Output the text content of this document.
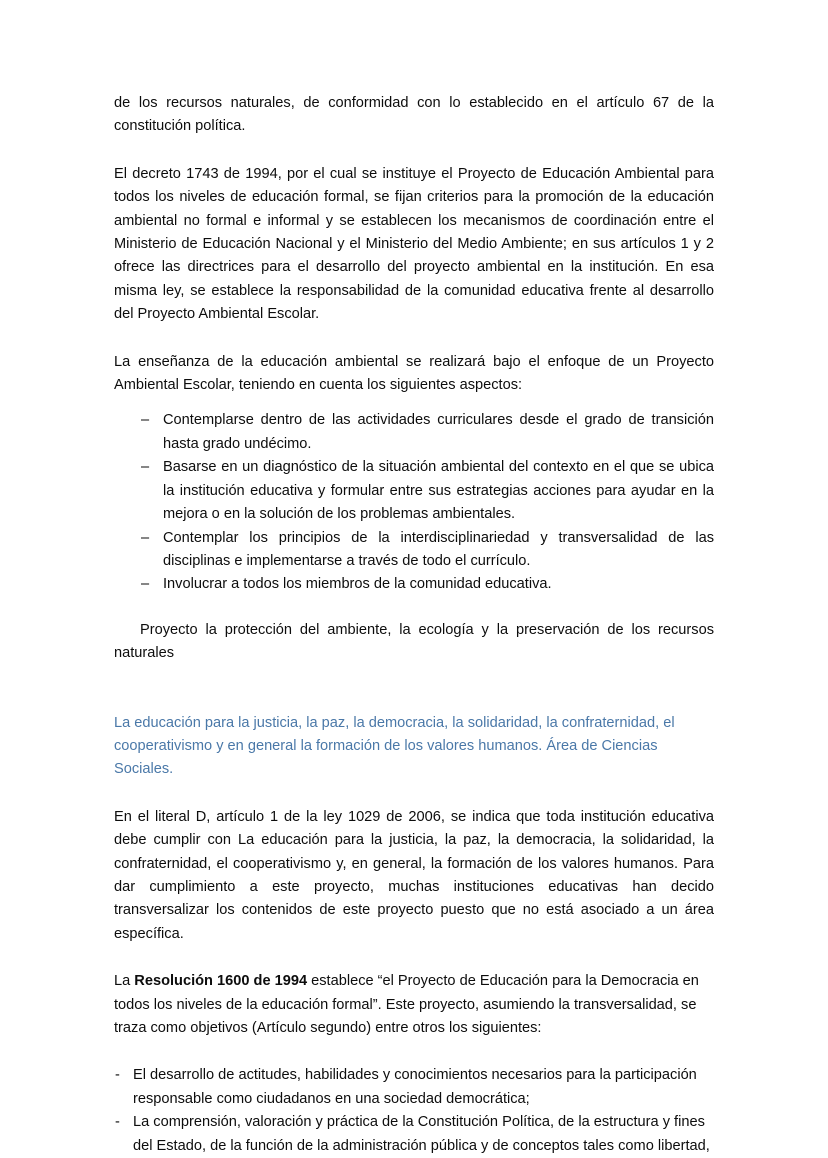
de los recursos naturales, de conformidad con lo establecido en el artículo 67 de la constitución política.

El decreto 1743 de 1994, por el cual se instituye el Proyecto de Educación Ambiental para todos los niveles de educación formal, se fijan criterios para la promoción de la educación ambiental no formal e informal y se establecen los mecanismos de coordinación entre el Ministerio de Educación Nacional y el Ministerio del Medio Ambiente; en sus artículos 1 y 2 ofrece las directrices para el desarrollo del proyecto ambiental en la institución. En esa misma ley, se establece la responsabilidad de la comunidad educativa frente al desarrollo del Proyecto Ambiental Escolar.

La enseñanza de la educación ambiental se realizará bajo el enfoque de un Proyecto Ambiental Escolar, teniendo en cuenta los siguientes aspectos:

– Contemplarse dentro de las actividades curriculares desde el grado de transición hasta grado undécimo.
– Basarse en un diagnóstico de la situación ambiental del contexto en el que se ubica la institución educativa y formular entre sus estrategias acciones para ayudar en la mejora o en la solución de los problemas ambientales.
– Contemplar los principios de la interdisciplinariedad y transversalidad de las disciplinas e implementarse a través de todo el currículo.
– Involucrar a todos los miembros de la comunidad educativa.

Proyecto la protección del ambiente, la ecología y la preservación de los recursos naturales

La educación para la justicia, la paz, la democracia, la solidaridad, la confraternidad, el cooperativismo y en general la formación de los valores humanos. Área de Ciencias Sociales.

En el literal D, artículo 1 de la ley 1029 de 2006, se indica que toda institución educativa debe cumplir con La educación para la justicia, la paz, la democracia, la solidaridad, la confraternidad, el cooperativismo y, en general, la formación de los valores humanos. Para dar cumplimiento a este proyecto, muchas instituciones educativas han decido transversalizar los contenidos de este proyecto puesto que no está asociado a un área específica.

La Resolución 1600 de 1994 establece “el Proyecto de Educación para la Democracia en todos los niveles de la educación formal”. Este proyecto, asumiendo la transversalidad, se traza como objetivos (Artículo segundo) entre otros los siguientes:

- El desarrollo de actitudes, habilidades y conocimientos necesarios para la participación responsable como ciudadanos en una sociedad democrática;
- La comprensión, valoración y práctica de la Constitución Política, de la estructura y fines del Estado, de la función de la administración pública y de conceptos tales como libertad,
